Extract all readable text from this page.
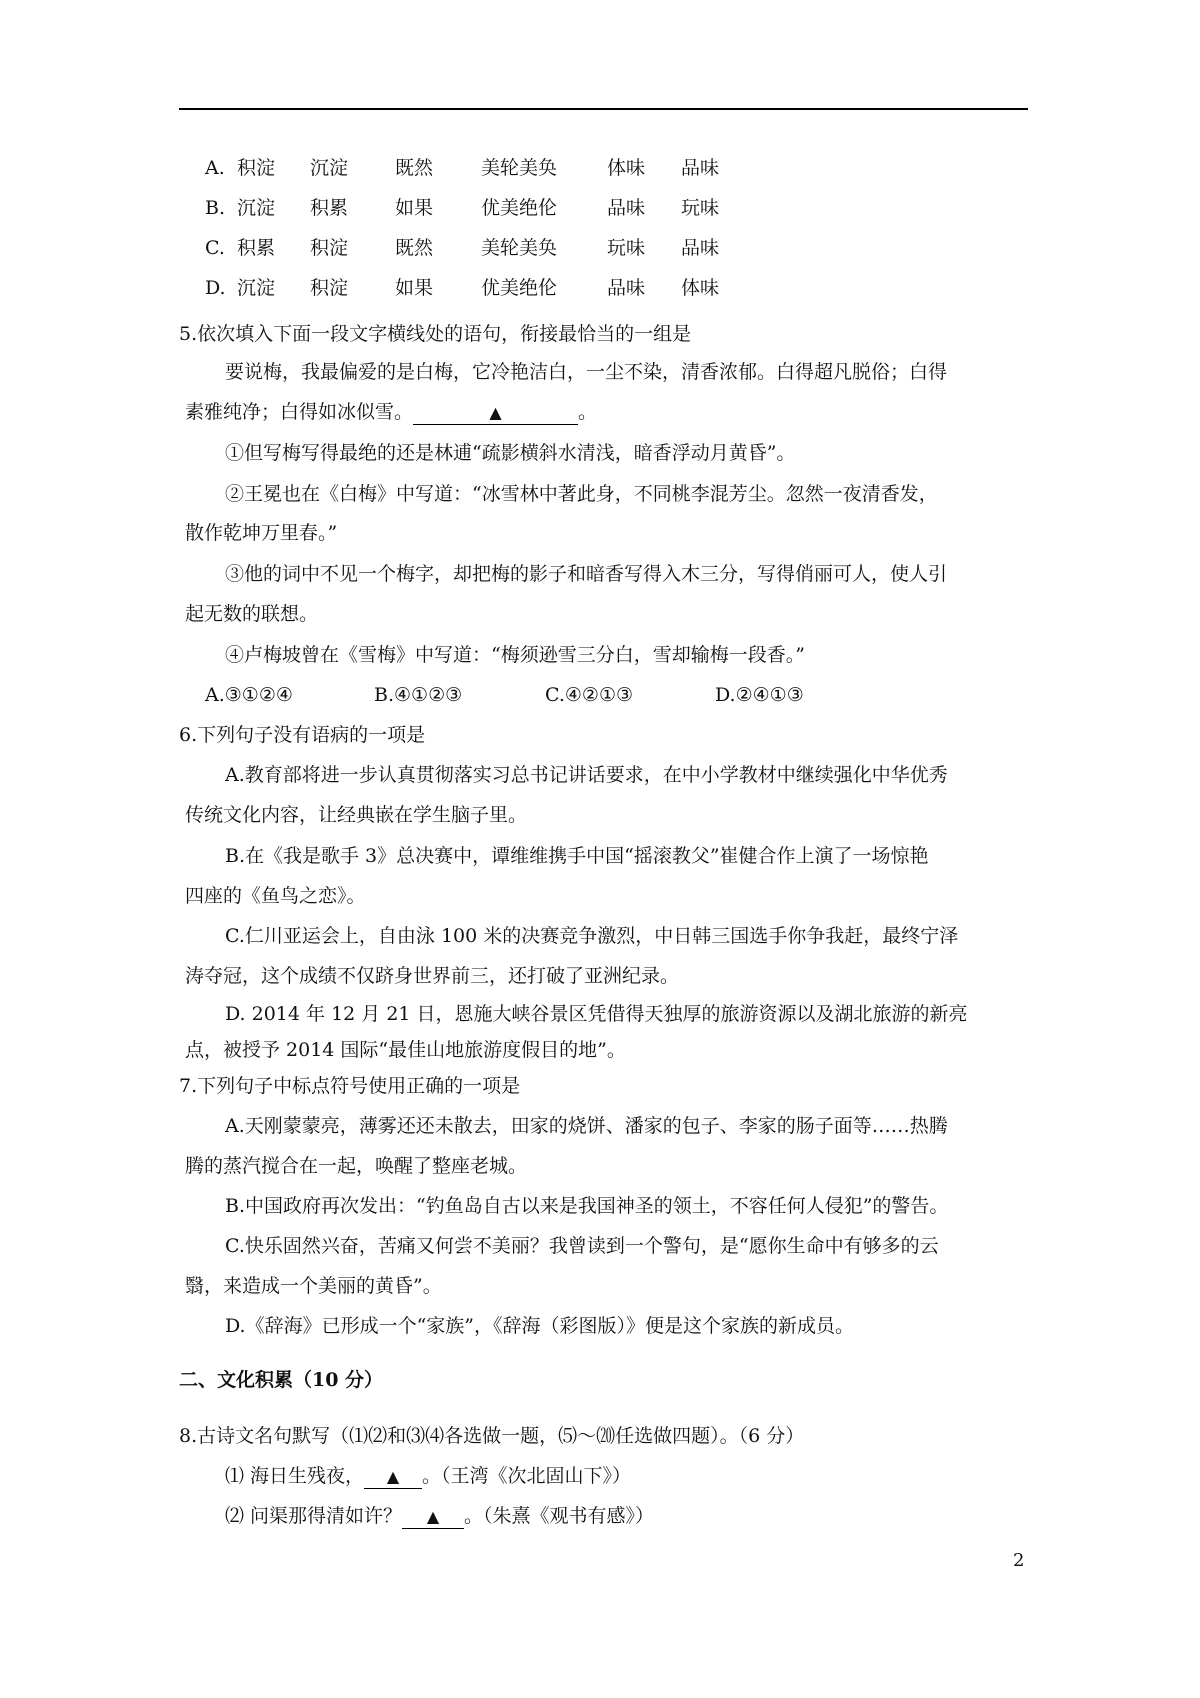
A. 积淀 沉淀 既然	美轮美奂	体味 品味
B. 沉淀 积累 如果	优美绝伦	品味 玩味
C. 积累 积淀 既然	美轮美奂	玩味 品味
D. 沉淀 积淀 如果	优美绝伦	品味 体味
5.依次填入下面一段文字横线处的语句，衔接最恰当的一组是
要说梅，我最偏爱的是白梅，它冷艳洁白，一尘不染，清香浓郁。白得超凡脱俗；白得
素雅纯净；白得如冰似雪。	▲	。
①但写梅写得最绝的还是林逋“疏影横斜水清浅，暗香浮动月黄昏”。
②王冕也在《白梅》中写道：“冰雪林中著此身，不同桃李混芳尘。忽然一夜清香发，
散作乾坤万里春。”
③他的词中不见一个梅字，却把梅的影子和暗香写得入木三分，写得俏丽可人，使人引
起无数的联想。
④卢梅坡曾在《雪梅》中写道：“梅须逊雪三分白，雪却输梅一段香。”
A.③①②④	B.④①②③	C.④②①③	D.②④①③
6.下列句子没有语病的一项是
A.教育部将进一步认真贯彻落实习总书记讲话要求，在中小学教材中继续强化中华优秀
传统文化内容，让经典嵌在学生脑子里。
B.在《我是歌手 3》总决赛中，谭维维携手中国“摇滚教父”崔健合作上演了一场惊艳
四座的《鱼鸟之恋》。
C.仁川亚运会上，自由泳 100 米的决赛竞争激烈，中日韩三国选手你争我赶，最终宁泽
涛夺冠，这个成绩不仅跻身世界前三，还打破了亚洲纪录。
D. 2014 年 12 月 21 日，恩施大峡谷景区凭借得天独厚的旅游资源以及湖北旅游的新亮
点，被授予 2014 国际“最佳山地旅游度假目的地”。
7.下列句子中标点符号使用正确的一项是
A.天刚蒙蒙亮，薄雾还还未散去，田家的烧饼、潘家的包子、李家的肠子面等……热腾
腾的蒸汽搅合在一起，唤醒了整座老城。
B.中国政府再次发出：“钓鱼岛自古以来是我国神圣的领土，不容任何人侵犯”的警告。
C.快乐固然兴奋，苦痛又何尝不美丽？我曾读到一个警句，是“愿你生命中有够多的云
翳，来造成一个美丽的黄昏”。
D.《辞海》已形成一个“家族”，《辞海（彩图版）》便是这个家族的新成员。
二、文化积累（10 分）
8.古诗文名句默写（⑴⑵和⑶⑷各选做一题，⑸～⒇任选做四题）。（6 分）
⑴ 海日生残夜， ▲ 。（王湾《次北固山下》）
⑵ 问渠那得清如许？ ▲ 。（朱熹《观书有感》）
2
